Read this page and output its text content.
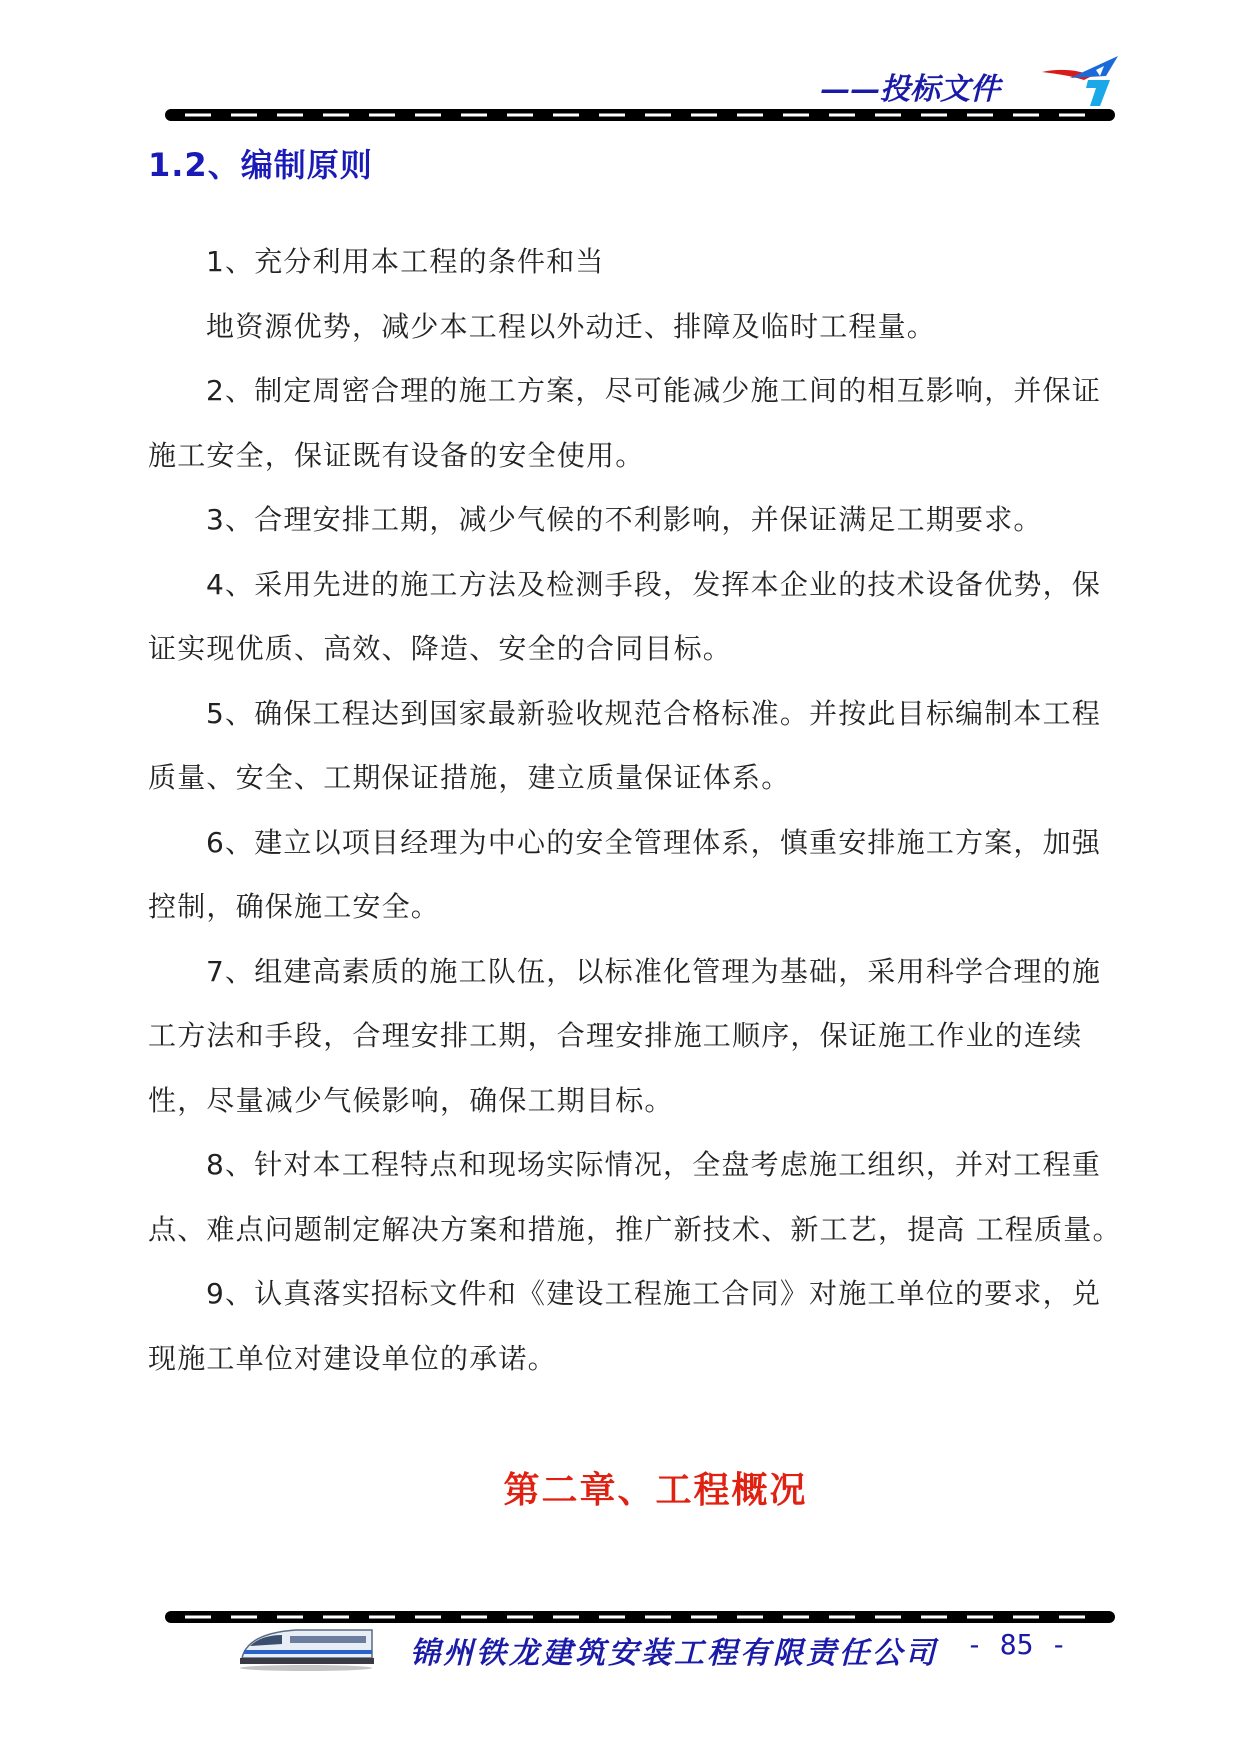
——投标文件
1.2、编制原则

1、充分利用本工程的条件和当

地资源优势，减少本工程以外动迁、排障及临时工程量。

2、制定周密合理的施工方案，尽可能减少施工间的相互影响，并保证施工安全，保证既有设备的安全使用。

3、合理安排工期，减少气候的不利影响，并保证满足工期要求。

4、采用先进的施工方法及检测手段，发挥本企业的技术设备优势，保证实现优质、高效、降造、安全的合同目标。

5、确保工程达到国家最新验收规范合格标准。并按此目标编制本工程质量、安全、工期保证措施，建立质量保证体系。

6、建立以项目经理为中心的安全管理体系，慎重安排施工方案，加强控制，确保施工安全。

7、组建高素质的施工队伍，以标准化管理为基础，采用科学合理的施工方法和手段，合理安排工期，合理安排施工顺序，保证施工作业的连续性，尽量减少气候影响，确保工期目标。

8、针对本工程特点和现场实际情况，全盘考虑施工组织，并对工程重点、难点问题制定解决方案和措施，推广新技术、新工艺，提高 工程质量。

9、认真落实招标文件和《建设工程施工合同》对施工单位的要求，兑现施工单位对建设单位的承诺。

第二章、工程概况
锦州铁龙建筑安装工程有限责任公司 - 85 -
